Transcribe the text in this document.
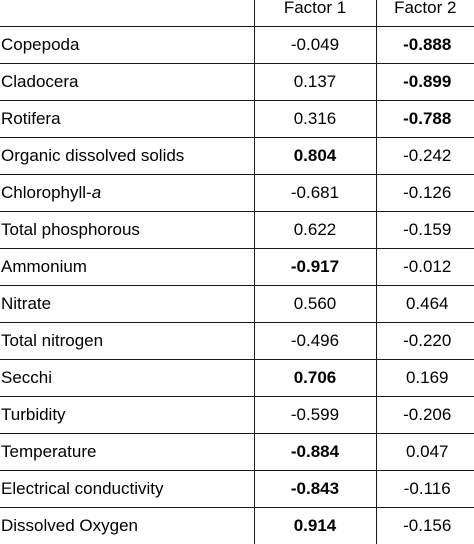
	Factor 1	Factor 2
Copepoda	-0.049	-0.888
Cladocera	0.137	-0.899
Rotifera	0.316	-0.788
Organic dissolved solids	0.804	-0.242
Chlorophyll-a	-0.681	-0.126
Total phosphorous	0.622	-0.159
Ammonium	-0.917	-0.012
Nitrate	0.560	0.464
Total nitrogen	-0.496	-0.220
Secchi	0.706	0.169
Turbidity	-0.599	-0.206
Temperature	-0.884	0.047
Electrical conductivity	-0.843	-0.116
Dissolved Oxygen	0.914	-0.156
